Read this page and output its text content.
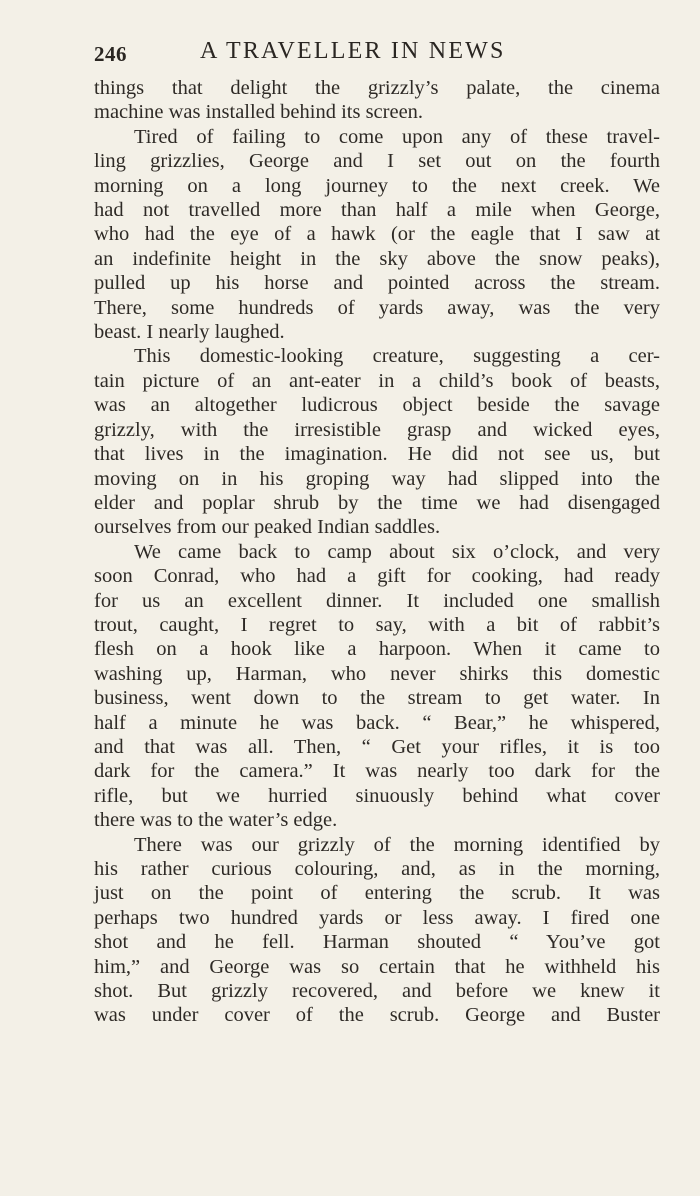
246	A TRAVELLER IN NEWS

things that delight the grizzly’s palate, the cinema
machine was installed behind its screen.

Tired of failing to come upon any of these travel-
ling grizzlies, George and I set out on the fourth
morning on a long journey to the next creek. We
had not travelled more than half a mile when George,
who had the eye of a hawk (or the eagle that I saw at
an indefinite height in the sky above the snow peaks),
pulled up his horse and pointed across the stream.
There, some hundreds of yards away, was the very
beast. I nearly laughed.

This domestic-looking creature, suggesting a cer-
tain picture of an ant-eater in a child’s book of beasts,
was an altogether ludicrous object beside the savage
grizzly, with the irresistible grasp and wicked eyes,
that lives in the imagination. He did not see us, but
moving on in his groping way had slipped into the
elder and poplar shrub by the time we had disengaged
ourselves from our peaked Indian saddles.

We came back to camp about six o’clock, and very
soon Conrad, who had a gift for cooking, had ready
for us an excellent dinner. It included one smallish
trout, caught, I regret to say, with a bit of rabbit’s
flesh on a hook like a harpoon. When it came to
washing up, Harman, who never shirks this domestic
business, went down to the stream to get water. In
half a minute he was back. “ Bear,” he whispered,
and that was all. Then, “ Get your rifles, it is too
dark for the camera.” It was nearly too dark for the
rifle, but we hurried sinuously behind what cover
there was to the water’s edge.

There was our grizzly of the morning identified by
his rather curious colouring, and, as in the morning,
just on the point of entering the scrub. It was
perhaps two hundred yards or less away. I fired one
shot and he fell. Harman shouted “ You’ve got
him,” and George was so certain that he withheld his
shot. But grizzly recovered, and before we knew it
was under cover of the scrub. George and Buster
